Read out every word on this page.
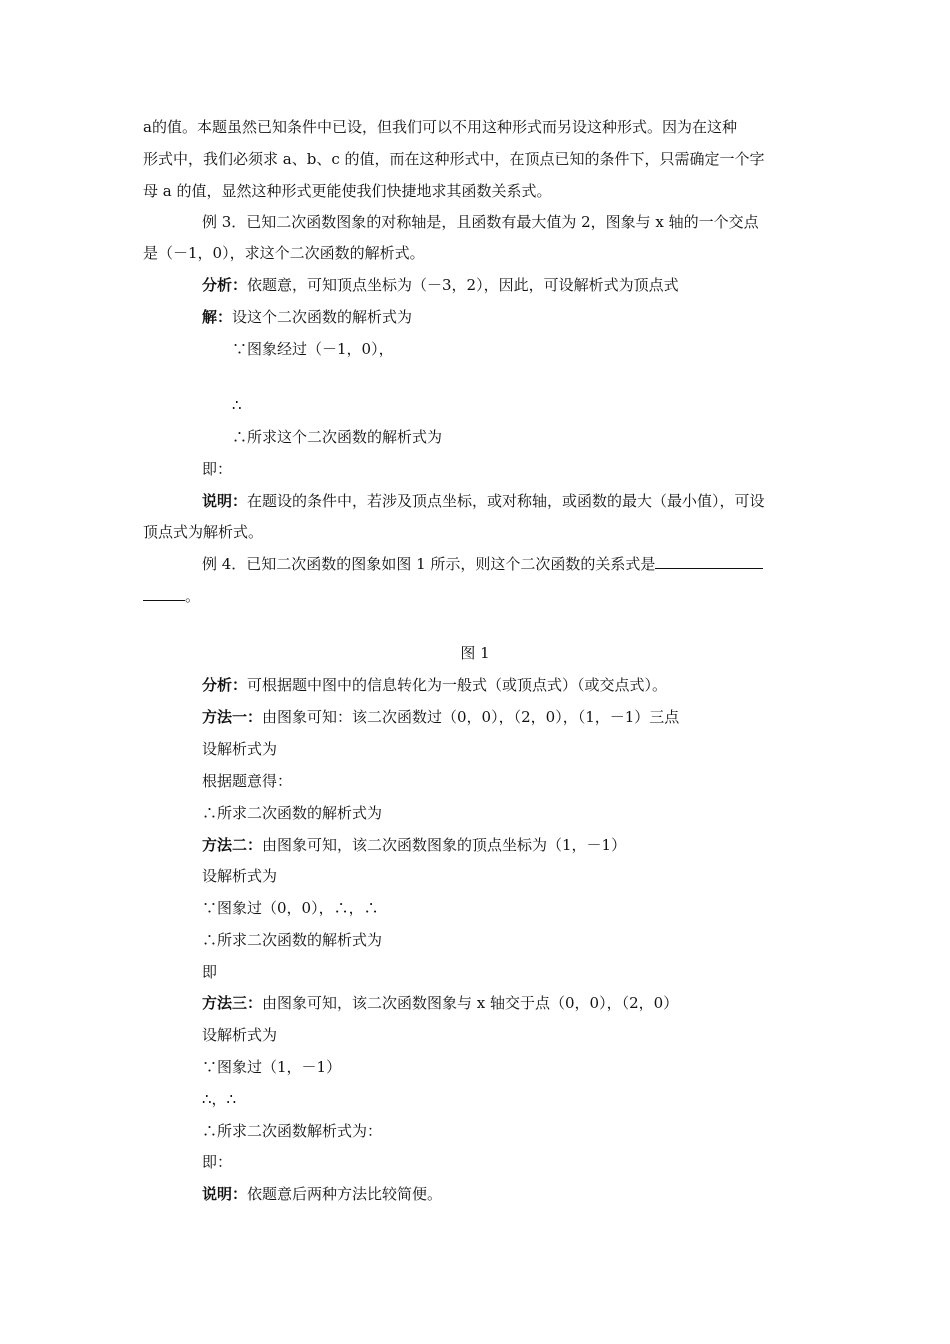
a的值。本题虽然已知条件中已设，但我们可以不用这种形式而另设这种形式。因为在这种
形式中，我们必须求 a、b、c 的值，而在这种形式中，在顶点已知的条件下，只需确定一个字
母 a 的值，显然这种形式更能使我们快捷地求其函数关系式。
例 3．已知二次函数图象的对称轴是，且函数有最大值为 2，图象与 x 轴的一个交点
是（－1，0），求这个二次函数的解析式。
分析：依题意，可知顶点坐标为（－3，2），因此，可设解析式为顶点式
解：设这个二次函数的解析式为
∵图象经过（－1，0），
∴
∴所求这个二次函数的解析式为
即：
说明：在题设的条件中，若涉及顶点坐标，或对称轴，或函数的最大（最小值），可设
顶点式为解析式。
例 4．已知二次函数的图象如图 1 所示，则这个二次函数的关系式是
。
图 1
分析：可根据题中图中的信息转化为一般式（或顶点式）（或交点式）。
方法一：由图象可知：该二次函数过（0，0），（2，0），（1，－1）三点
设解析式为
根据题意得：
∴所求二次函数的解析式为
方法二：由图象可知，该二次函数图象的顶点坐标为（1，－1）
设解析式为
∵图象过（0，0），∴，∴
∴所求二次函数的解析式为
即
方法三：由图象可知，该二次函数图象与 x 轴交于点（0，0），（2，0）
设解析式为
∵图象过（1，－1）
∴，∴
∴所求二次函数解析式为：
即：
说明：依题意后两种方法比较简便。
